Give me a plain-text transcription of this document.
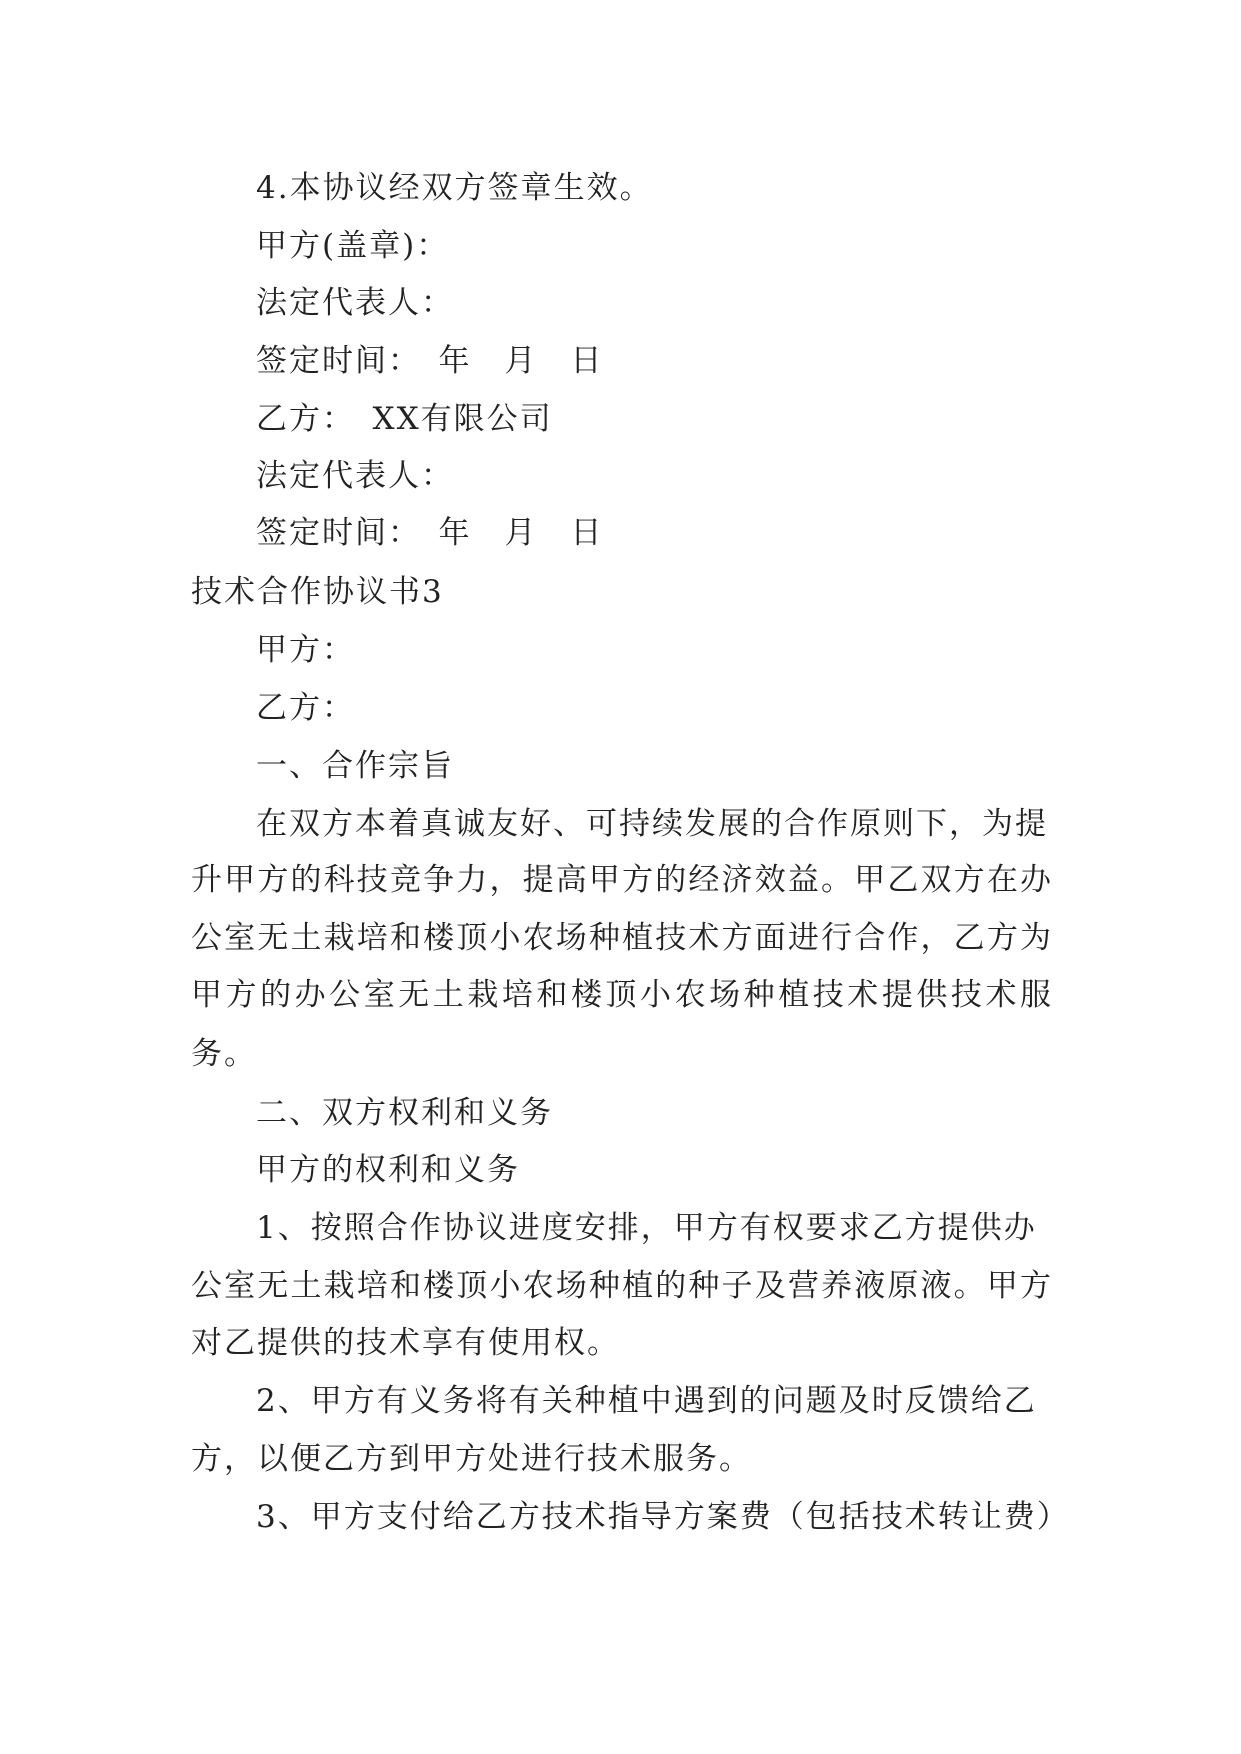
4.本协议经双方签章生效。
甲方(盖章)：
法定代表人：
签定时间：　年　月　日
乙方：　XX有限公司
法定代表人：
签定时间：　年　月　日
技术合作协议书3
甲方：
乙方：
一、合作宗旨
在双方本着真诚友好、可持续发展的合作原则下，为提
升甲方的科技竞争力，提高甲方的经济效益。甲乙双方在办
公室无土栽培和楼顶小农场种植技术方面进行合作，乙方为
甲方的办公室无土栽培和楼顶小农场种植技术提供技术服
务。
二、双方权利和义务
甲方的权利和义务
1、按照合作协议进度安排，甲方有权要求乙方提供办
公室无土栽培和楼顶小农场种植的种子及营养液原液。甲方
对乙提供的技术享有使用权。
2、甲方有义务将有关种植中遇到的问题及时反馈给乙
方，以便乙方到甲方处进行技术服务。
3、甲方支付给乙方技术指导方案费（包括技术转让费）
